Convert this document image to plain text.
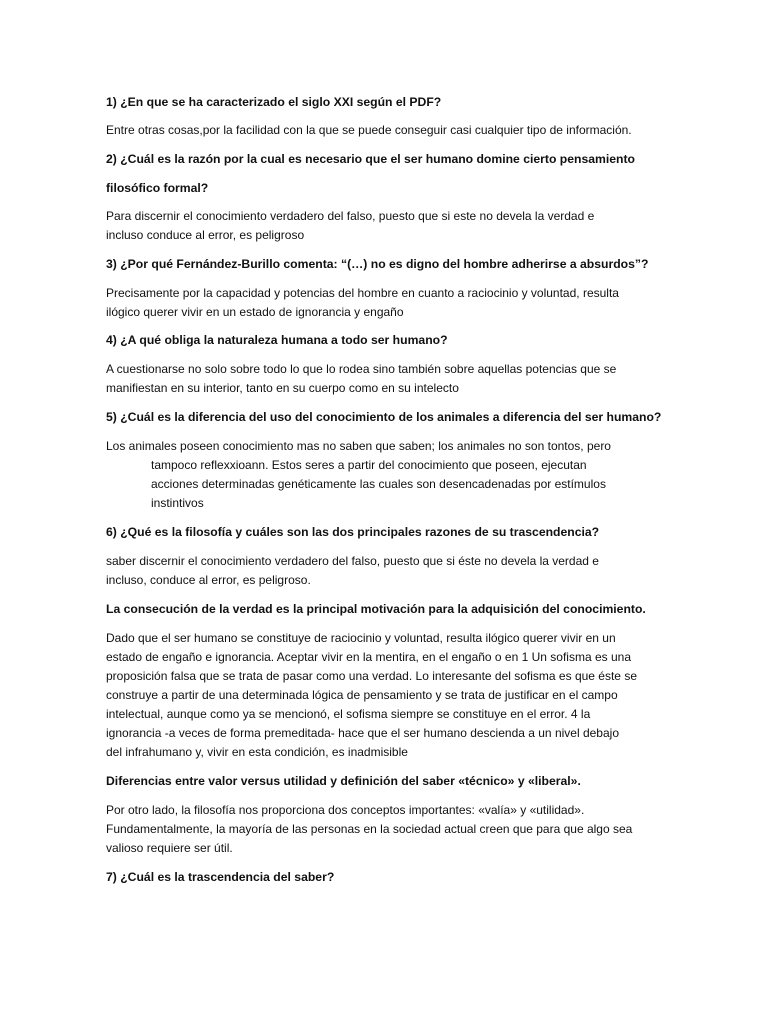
1) ¿En que se ha caracterizado el siglo XXI según el PDF?

Entre otras cosas,por la facilidad con la que se puede conseguir casi cualquier tipo de información.

2) ¿Cuál es la razón por la cual es necesario que el ser humano domine cierto pensamiento

filosófico formal?

Para discernir el conocimiento verdadero del falso, puesto que si este no devela la verdad e

incluso conduce al error, es peligroso

3) ¿Por qué Fernández-Burillo comenta: “(…) no es digno del hombre adherirse a absurdos”?

Precisamente por la capacidad y potencias del hombre en cuanto a raciocinio y voluntad, resulta

ilógico querer vivir en un estado de ignorancia y engaño

4) ¿A qué obliga la naturaleza humana a todo ser humano?

A cuestionarse no solo sobre todo lo que lo rodea sino también sobre aquellas potencias que se

manifiestan en su interior, tanto en su cuerpo como en su intelecto

5) ¿Cuál es la diferencia del uso del conocimiento de los animales a diferencia del ser humano?

Los animales poseen conocimiento mas no saben que saben; los animales no son tontos, pero

tampoco reflexxioann. Estos seres a partir del conocimiento que poseen, ejecutan

acciones determinadas genéticamente las cuales son desencadenadas por estímulos

instintivos

6) ¿Qué es la filosofía y cuáles son las dos principales razones de su trascendencia?

saber discernir el conocimiento verdadero del falso, puesto que si éste no devela la verdad e

incluso, conduce al error, es peligroso.

La consecución de la verdad es la principal motivación para la adquisición del conocimiento.

Dado que el ser humano se constituye de raciocinio y voluntad, resulta ilógico querer vivir en un

estado de engaño e ignorancia. Aceptar vivir en la mentira, en el engaño o en 1 Un sofisma es una

proposición falsa que se trata de pasar como una verdad. Lo interesante del sofisma es que éste se

construye a partir de una determinada lógica de pensamiento y se trata de justificar en el campo

intelectual, aunque como ya se mencionó, el sofisma siempre se constituye en el error. 4 la

ignorancia -a veces de forma premeditada- hace que el ser humano descienda a un nivel debajo

del infrahumano y, vivir en esta condición, es inadmisible

Diferencias entre valor versus utilidad y definición del saber «técnico» y «liberal».

Por otro lado, la filosofía nos proporciona dos conceptos importantes: «valía» y «utilidad».

Fundamentalmente, la mayoría de las personas en la sociedad actual creen que para que algo sea

valioso requiere ser útil.

7) ¿Cuál es la trascendencia del saber?
